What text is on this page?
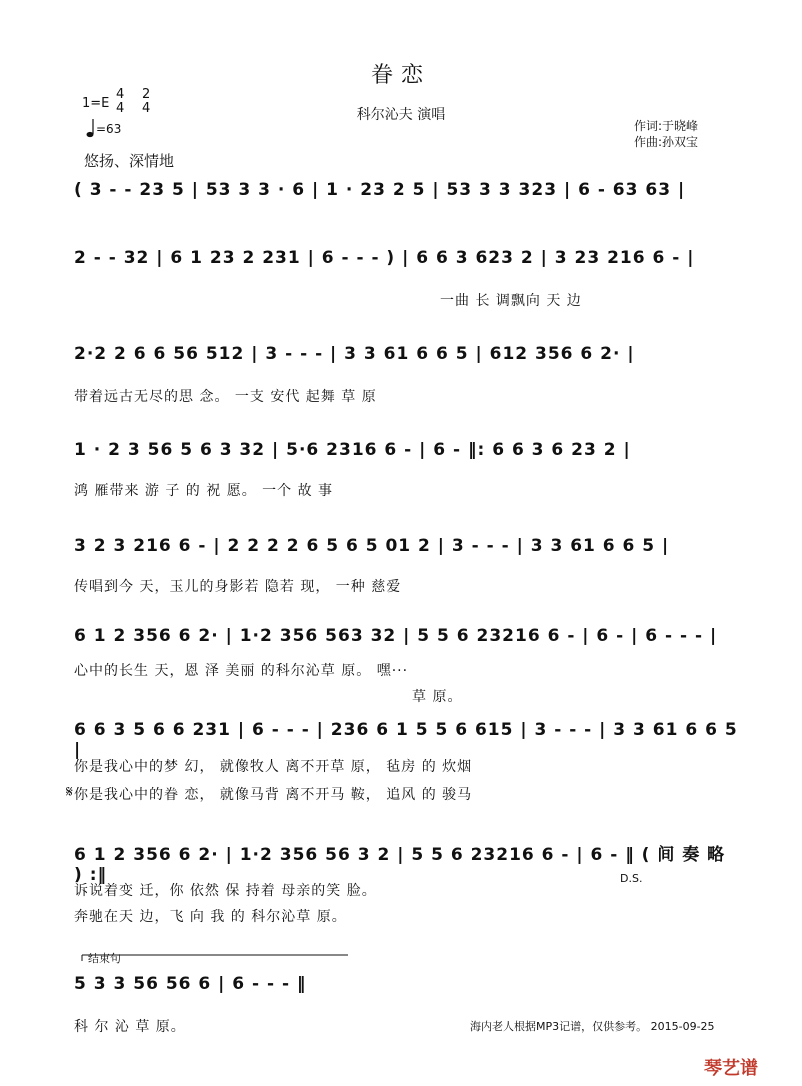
眷恋
科尔沁夫 演唱
1=E
4
4
2
4
=63	作词:于晓峰
作曲:孙双宝
悠扬、深情地
( 3 - - 23 5 | 53 3 3 · 6 | 1 · 23 2 5 | 53 3 3 323 | 6 - 63 63 |
2 - - 32 | 6 1 23 2 231 | 6 - - - ) | 6 6 3 623 2 | 3 23 216 6 - |
一曲 长 调飘向 天 边
2·2 2 6 6 56 512 | 3 - - - | 3 3 61 6 6 5 | 612 356 6 2· |
带着远古无尽的思 念。 一支 安代 起舞 草 原
1 · 2 3 56 5 6 3 32 | 5·6 2316 6 - | 6 - ‖: 6 6 3 6 23 2 |
鸿 雁带来 游 子 的 祝 愿。 一个 故 事
3 2 3 216 6 - | 2 2 2 2 6 5 6 5 01 2 | 3 - - - | 3 3 61 6 6 5 |
传唱到今 天，玉儿的身影若 隐若 现， 一种 慈爱
6 1 2 356 6 2· | 1·2 356 563 32 | 5 5 6 23216 6 - | 6 - | 6 - - - |
心中的长生 天，恩 泽 美丽 的科尔沁草 原。 嘿···
草 原。
6 6 3 5 6 6 231 | 6 - - - | 236 6 1 5 5 6 615 | 3 - - - | 3 3 61 6 6 5 |
你是我心中的梦 幻， 就像牧人 离不开草 原， 毡房 的 炊烟
𝄋 你是我心中的眷 恋， 就像马背 离不开马 鞍， 追风 的 骏马
6 1 2 356 6 2· | 1·2 356 56 3 2 | 5 5 6 23216 6 - | 6 - ‖ ( 间 奏 略 ) :‖	D.S.
诉说着变 迁，你 依然 保 持着 母亲的笑 脸。
奔驰在天 边，飞 向 我 的 科尔沁草 原。
结束句
5 3 3 56 56 6 | 6 - - - ‖
科 尔 沁 草 原。	海内老人根据MP3记谱，仅供参考。 2015-09-25
琴艺谱
